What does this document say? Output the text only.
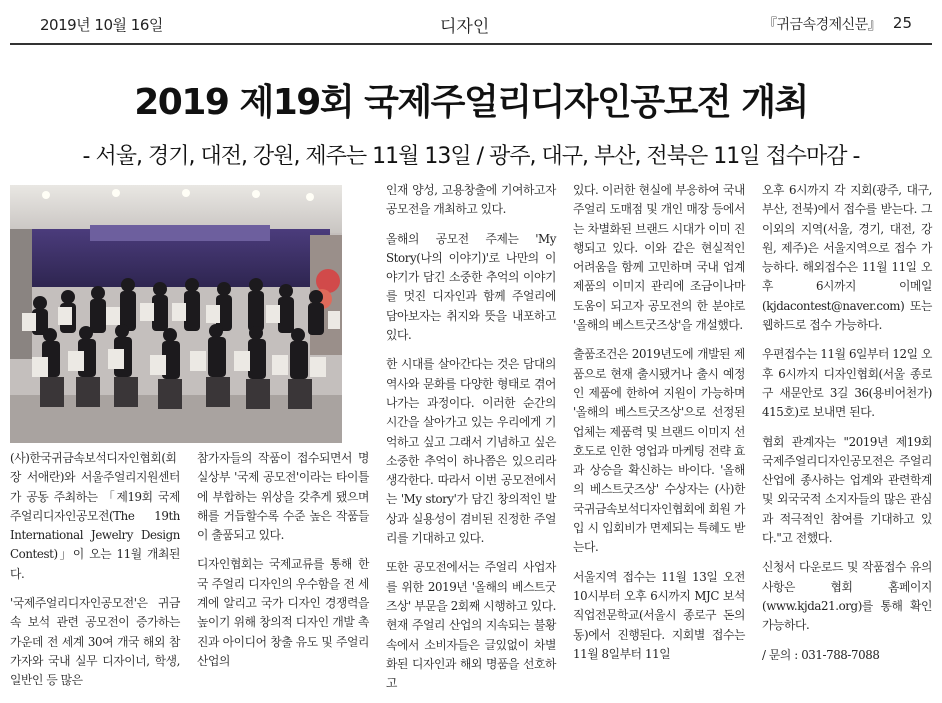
2019년 10월 16일	디자인	『귀금속경제신문』 25
2019 제19회 국제주얼리디자인공모전 개최
- 서울, 경기, 대전, 강원, 제주는 11월 13일 / 광주, 대구, 부산, 전북은 11일 접수마감 -

(사)한국귀금속보석디자인협회(회장 서애란)와 서울주얼리지원센터가 공동 주최하는 「제19회 국제주얼리디자인공모전(The 19th International Jewelry Design Contest)」이 오는 11월 개최된다.

'국제주얼리디자인공모전'은 귀금속 보석 관련 공모전이 증가하는 가운데 전 세계 30여 개국 해외 참가자와 국내 실무 디자이너, 학생, 일반인 등 많은

참가자들의 작품이 접수되면서 명실상부 '국제 공모전'이라는 타이틀에 부합하는 위상을 갖추게 됐으며 해를 거듭할수록 수준 높은 작품들이 출품되고 있다.

디자인협회는 국제교류를 통해 한국 주얼리 디자인의 우수함을 전 세계에 알리고 국가 디자인 경쟁력을 높이기 위해 창의적 디자인 개발 촉진과 아이디어 창출 유도 및 주얼리 산업의

인재 양성, 고용창출에 기여하고자 공모전을 개최하고 있다.

올해의 공모전 주제는 'My Story(나의 이야기)'로 나만의 이야기가 담긴 소중한 추억의 이야기를 멋진 디자인과 함께 주얼리에 담아보자는 취지와 뜻을 내포하고 있다.

한 시대를 살아간다는 것은 담대의 역사와 문화를 다양한 형태로 겪어나가는 과정이다. 이러한 순간의 시간을 살아가고 있는 우리에게 기억하고 싶고 그래서 기념하고 싶은 소중한 추억이 하나쯤은 있으리라 생각한다. 따라서 이번 공모전에서는 'My story'가 담긴 창의적인 발상과 실용성이 겸비된 진정한 주얼리를 기대하고 있다.

또한 공모전에서는 주얼리 사업자를 위한 2019년 '올해의 베스트굿즈상' 부문을 2회째 시행하고 있다. 현재 주얼리 산업의 지속되는 불황 속에서 소비자들은 글있없이 차별화된 디자인과 해외 명품을 선호하고

있다. 이러한 현실에 부응하여 국내 주얼리 도매점 및 개인 매장 등에서는 차별화된 브랜드 시대가 이미 진행되고 있다. 이와 같은 현실적인 어려움을 함께 고민하며 국내 업계 제품의 이미지 관리에 조금이나마 도움이 되고자 공모전의 한 분야로 '올해의 베스트굿즈상'을 개설했다.

출품조건은 2019년도에 개발된 제품으로 현재 출시됐거나 출시 예정인 제품에 한하여 지원이 가능하며 '올해의 베스트굿즈상'으로 선정된 업체는 제품력 및 브랜드 이미지 선호도로 인한 영업과 마케팅 전략 효과 상승을 확신하는 바이다. '올해의 베스트굿즈상' 수상자는 (사)한국귀금속보석디자인협회에 회원 가입 시 입회비가 면제되는 특혜도 받는다.

서울지역 접수는 11월 13일 오전 10시부터 오후 6시까지 MJC 보석직업전문학교(서울시 종로구 돈의동)에서 진행된다. 지회별 접수는 11월 8일부터 11일

오후 6시까지 각 지회(광주, 대구, 부산, 전북)에서 접수를 받는다. 그 이외의 지역(서울, 경기, 대전, 강원, 제주)은 서울지역으로 접수 가능하다. 해외접수은 11월 11일 오후 6시까지 이메일(kjdacontest@naver.com) 또는 웹하드로 접수 가능하다.

우편접수는 11월 6일부터 12일 오후 6시까지 디자인협회(서울 종로구 새문안로 3길 36(용비어천가) 415호)로 보내면 된다.

협회 관계자는 "2019년 제19회 국제주얼리디자인공모전은 주얼리 산업에 종사하는 업계와 관련학계 및 외국국적 소지자들의 많은 관심과 적극적인 참여를 기대하고 있다."고 전했다.

신청서 다운로드 및 작품접수 유의사항은 협회 홈페이지(www.kjda21.org)를 통해 확인 가능하다.

/ 문의 : 031-788-7088
